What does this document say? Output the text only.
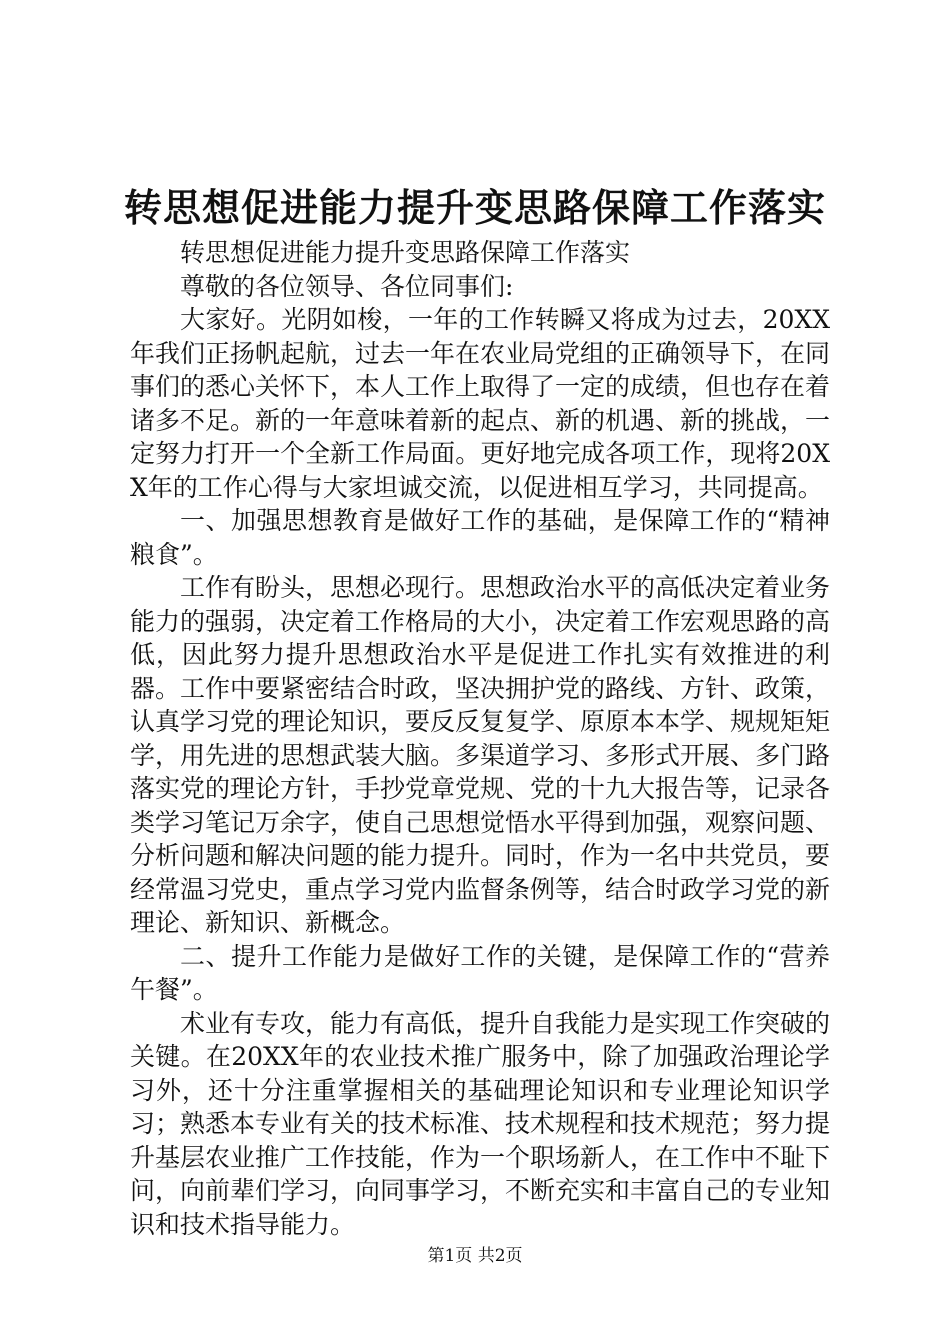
转思想促进能力提升变思路保障工作落实

转思想促进能力提升变思路保障工作落实

尊敬的各位领导、各位同事们:

大家好。光阴如梭，一年的工作转瞬又将成为过去，20XX年我们正扬帆起航，过去一年在农业局党组的正确领导下，在同事们的悉心关怀下，本人工作上取得了一定的成绩，但也存在着诸多不足。新的一年意味着新的起点、新的机遇、新的挑战，一定努力打开一个全新工作局面。更好地完成各项工作，现将20XX年的工作心得与大家坦诚交流，以促进相互学习，共同提高。

一、加强思想教育是做好工作的基础，是保障工作的“精神粮食”。

工作有盼头，思想必现行。思想政治水平的高低决定着业务能力的强弱，决定着工作格局的大小，决定着工作宏观思路的高低，因此努力提升思想政治水平是促进工作扎实有效推进的利器。工作中要紧密结合时政，坚决拥护党的路线、方针、政策，认真学习党的理论知识，要反反复复学、原原本本学、规规矩矩学，用先进的思想武装大脑。多渠道学习、多形式开展、多门路落实党的理论方针，手抄党章党规、党的十九大报告等，记录各类学习笔记万余字，使自己思想觉悟水平得到加强，观察问题、分析问题和解决问题的能力提升。同时，作为一名中共党员，要经常温习党史，重点学习党内监督条例等，结合时政学习党的新理论、新知识、新概念。

二、提升工作能力是做好工作的关键，是保障工作的“营养午餐”。

术业有专攻，能力有高低，提升自我能力是实现工作突破的关键。在20XX年的农业技术推广服务中，除了加强政治理论学习外，还十分注重掌握相关的基础理论知识和专业理论知识学习；熟悉本专业有关的技术标准、技术规程和技术规范；努力提升基层农业推广工作技能，作为一个职场新人，在工作中不耻下问，向前辈们学习，向同事学习，不断充实和丰富自己的专业知识和技术指导能力。

第1页 共2页
